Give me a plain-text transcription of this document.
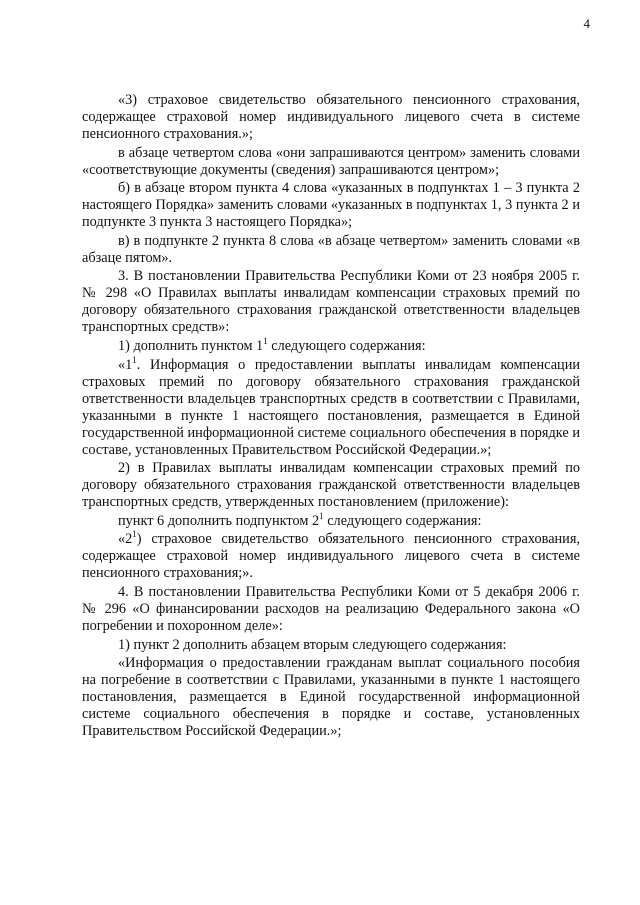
4

«3) страховое свидетельство обязательного пенсионного страхования, содержащее страховой номер индивидуального лицевого счета в системе пенсионного страхования.»;

в абзаце четвертом слова «они запрашиваются центром» заменить словами «соответствующие документы (сведения) запрашиваются центром»;

б) в абзаце втором пункта 4 слова «указанных в подпунктах 1 – 3 пункта 2 настоящего Порядка» заменить словами «указанных в подпунктах 1, 3 пункта 2 и подпункте 3 пункта 3 настоящего Порядка»;

в) в подпункте 2 пункта 8 слова «в абзаце четвертом» заменить словами «в абзаце пятом».

3. В постановлении Правительства Республики Коми от 23 ноября 2005 г. № 298 «О Правилах выплаты инвалидам компенсации страховых премий по договору обязательного страхования гражданской ответственности владельцев транспортных средств»:

1) дополнить пунктом $1^1$ следующего содержания:

«$1^1$. Информация о предоставлении выплаты инвалидам компенсации страховых премий по договору обязательного страхования гражданской ответственности владельцев транспортных средств в соответствии с Правилами, указанными в пункте 1 настоящего постановления, размещается в Единой государственной информационной системе социального обеспечения в порядке и составе, установленных Правительством Российской Федерации.»;

2) в Правилах выплаты инвалидам компенсации страховых премий по договору обязательного страхования гражданской ответственности владельцев транспортных средств, утвержденных постановлением (приложение):

пункт 6 дополнить подпунктом $2^1$ следующего содержания:

«$2^1$) страховое свидетельство обязательного пенсионного страхования, содержащее страховой номер индивидуального лицевого счета в системе пенсионного страхования;».

4. В постановлении Правительства Республики Коми от 5 декабря 2006 г. № 296 «О финансировании расходов на реализацию Федерального закона «О погребении и похоронном деле»:

1) пункт 2 дополнить абзацем вторым следующего содержания:

«Информация о предоставлении гражданам выплат социального пособия на погребение в соответствии с Правилами, указанными в пункте 1 настоящего постановления, размещается в Единой государственной информационной системе социального обеспечения в порядке и составе, установленных Правительством Российской Федерации.»;
